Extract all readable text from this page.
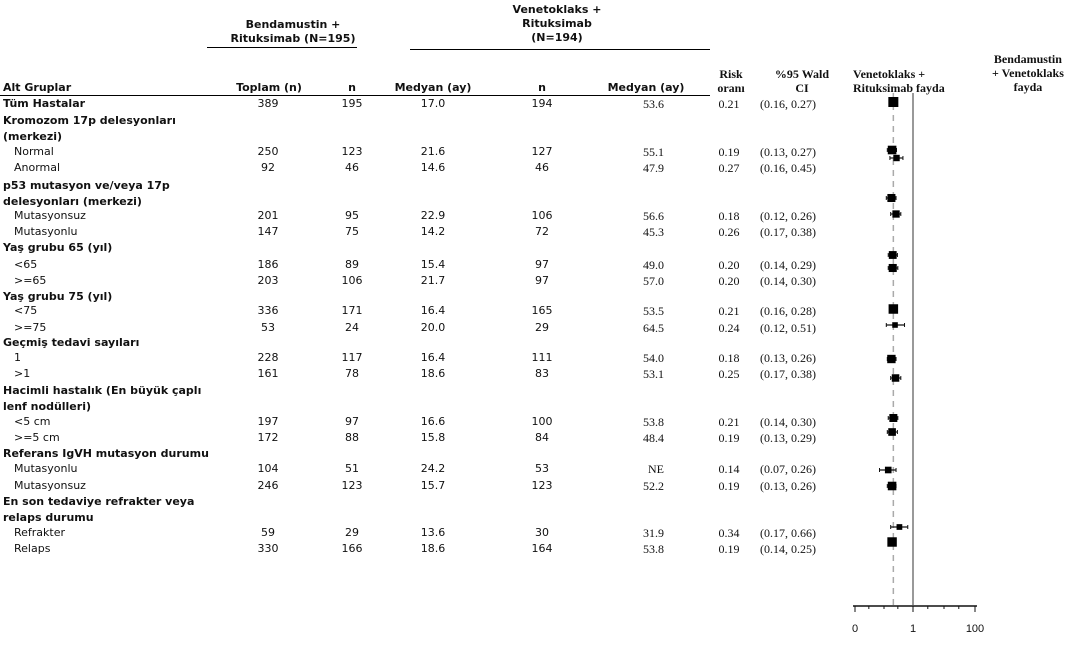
Bendamustin +
Rituksimab (N=195)
Venetoklaks +
Rituksimab
(N=194)
Alt Gruplar	Toplam (n)	n	Medyan (ay)	n	Medyan (ay)
Risk
oranı
%95 Wald
CI
Venetoklaks +
Rituksimab fayda
Bendamustin
+ Venetoklaks
fayda
Tüm Hastalar	389	195	17.0	194	53.6	0.21 (0.16, 0.27)
Kromozom 17p delesyonları
(merkezi)
Normal	250	123	21.6	127	55.1	0.19 (0.13, 0.27)
Anormal	92	46	14.6	46	47.9	0.27 (0.16, 0.45)
p53 mutasyon ve/veya 17p
delesyonları (merkezi)
Mutasyonsuz	201	95	22.9	106	56.6	0.18 (0.12, 0.26)
Mutasyonlu	147	75	14.2	72	45.3	0.26 (0.17, 0.38)
Yaş grubu 65 (yıl)
<65	186	89	15.4	97	49.0	0.20 (0.14, 0.29)
>=65	203	106	21.7	97	57.0	0.20 (0.14, 0.30)
Yaş grubu 75 (yıl)
<75	336	171	16.4	165	53.5	0.21 (0.16, 0.28)
>=75	53	24	20.0	29	64.5	0.24 (0.12, 0.51)
Geçmiş tedavi sayıları
1	228	117	16.4	111	54.0	0.18 (0.13, 0.26)
>1	161	78	18.6	83	53.1	0.25 (0.17, 0.38)
Hacimli hastalık (En büyük çaplı
lenf nodülleri)
<5 cm	197	97	16.6	100	53.8	0.21 (0.14, 0.30)
>=5 cm	172	88	15.8	84	48.4	0.19 (0.13, 0.29)
Referans IgVH mutasyon durumu
Mutasyonlu	104	51	24.2	53	NE	0.14 (0.07, 0.26)
Mutasyonsuz	246	123	15.7	123	52.2	0.19 (0.13, 0.26)
En son tedaviye refrakter veya
relaps durumu
Refrakter	59	29	13.6	30	31.9	0.34 (0.17, 0.66)
Relaps	330	166	18.6	164	53.8	0.19 (0.14, 0.25)
0	1	100
